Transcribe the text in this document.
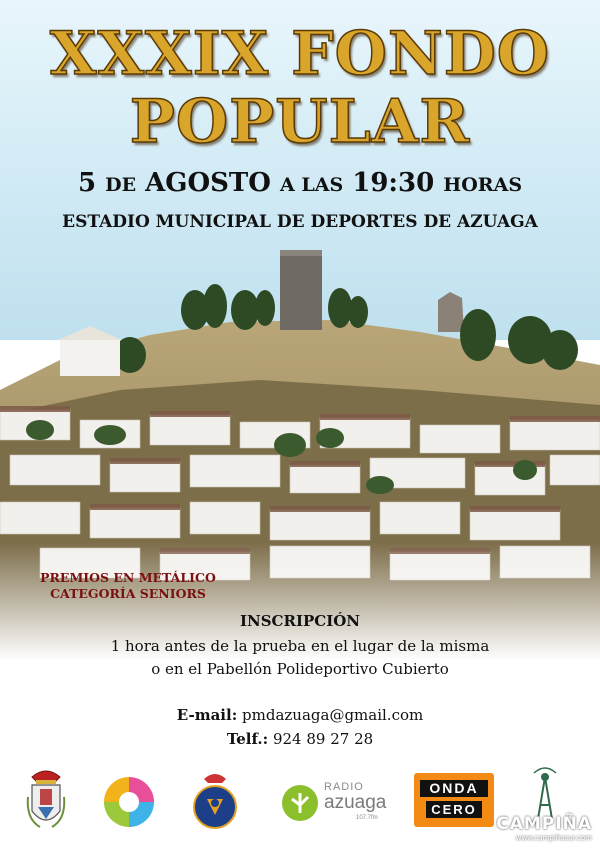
XXXIX FONDO
POPULAR
5 DE AGOSTO A LAS 19:30 HORAS
ESTADIO MUNICIPAL DE DEPORTES DE AZUAGA
PREMIOS EN METÁLICO
CATEGORÍA SENIORS
INSCRIPCIÓN
1 hora antes de la prueba en el lugar de la misma
o en el Pabellón Polideportivo Cubierto
E-mail: pmdazuaga@gmail.com
Telf.: 924 89 27 28
RADIO
azuaga
107.7fm
ONDA
CERO
CAMPIÑA
www.campiñasur.com
